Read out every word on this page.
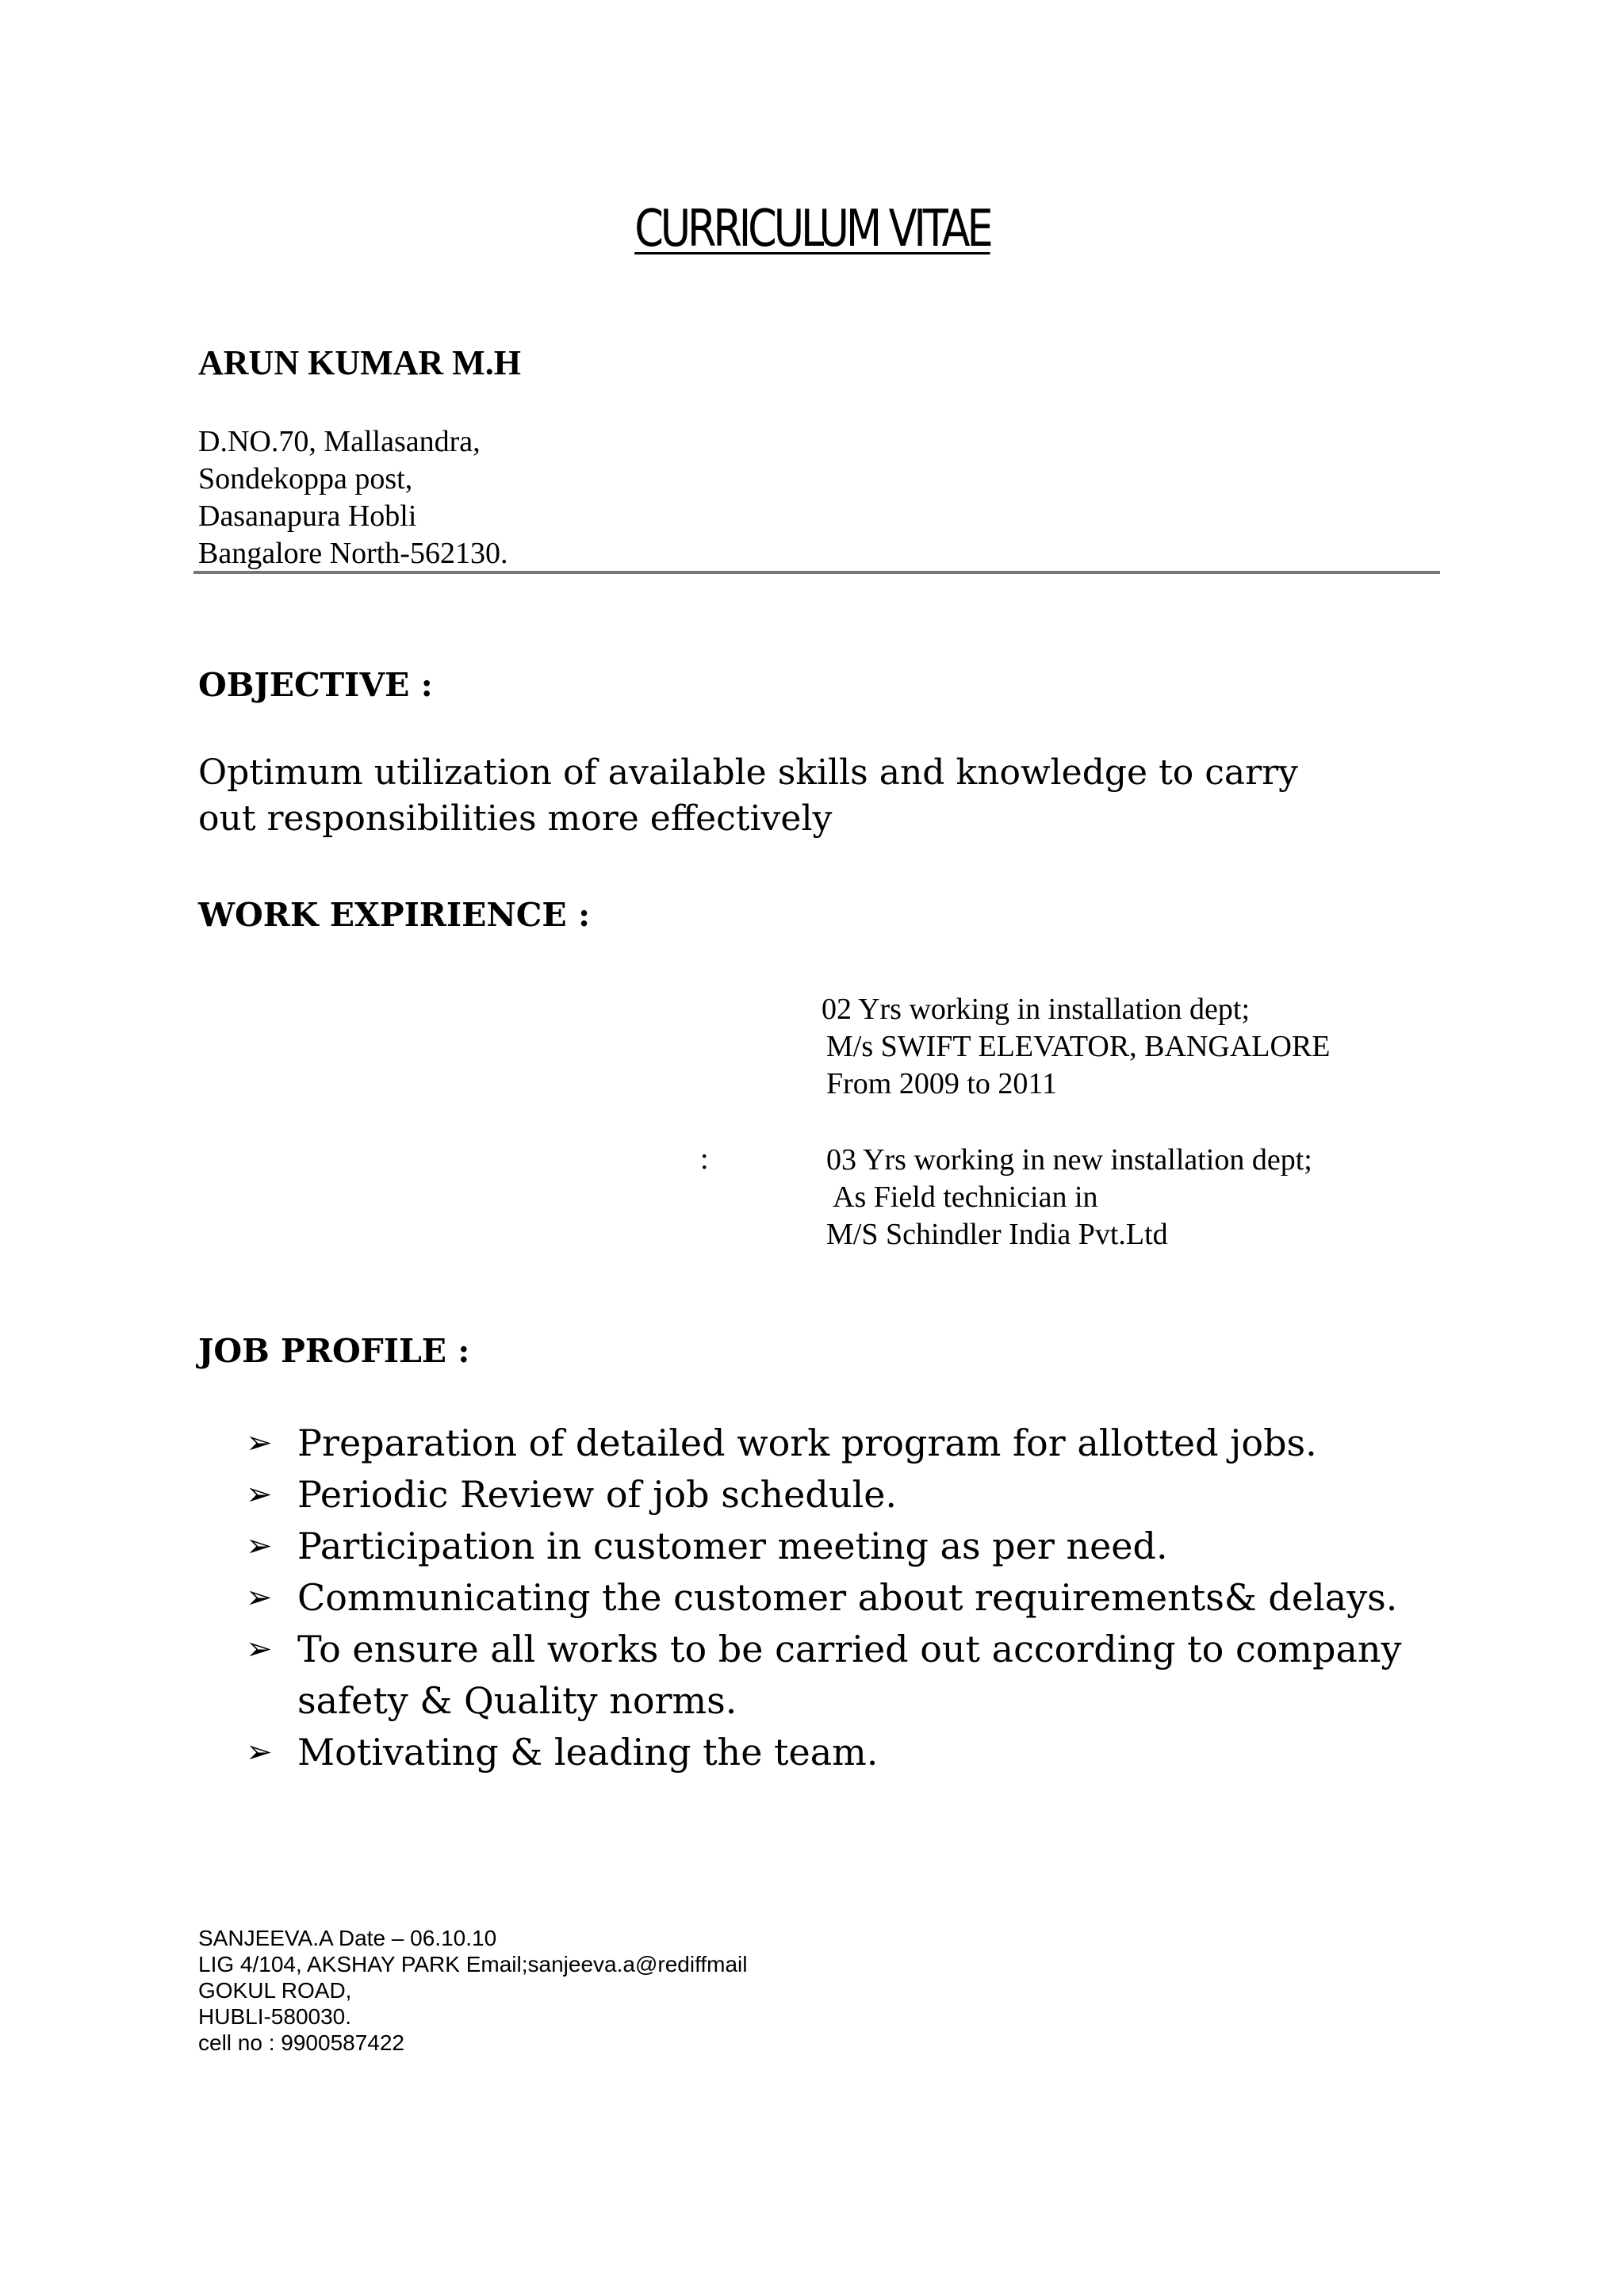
CURRICULUM VITAE
ARUN KUMAR M.H
D.NO.70, Mallasandra,
Sondekoppa post,
Dasanapura Hobli
Bangalore North-562130.
OBJECTIVE :
Optimum utilization of available skills and knowledge to carry
out responsibilities more effectively
WORK EXPIRIENCE :
02 Yrs working in installation dept;
M/s SWIFT ELEVATOR, BANGALORE
From 2009 to 2011
:	03 Yrs working in new installation dept;
As Field technician in
M/S Schindler India Pvt.Ltd
JOB PROFILE :
➢ Preparation of detailed work program for allotted jobs.
➢ Periodic Review of job schedule.
➢ Participation in customer meeting as per need.
➢ Communicating the customer about requirements& delays.
➢ To ensure all works to be carried out according to company safety & Quality norms.
➢ Motivating & leading the team.
SANJEEVA.A Date – 06.10.10
LIG 4/104, AKSHAY PARK Email;sanjeeva.a@rediffmail
GOKUL ROAD,
HUBLI-580030.
cell no : 9900587422
